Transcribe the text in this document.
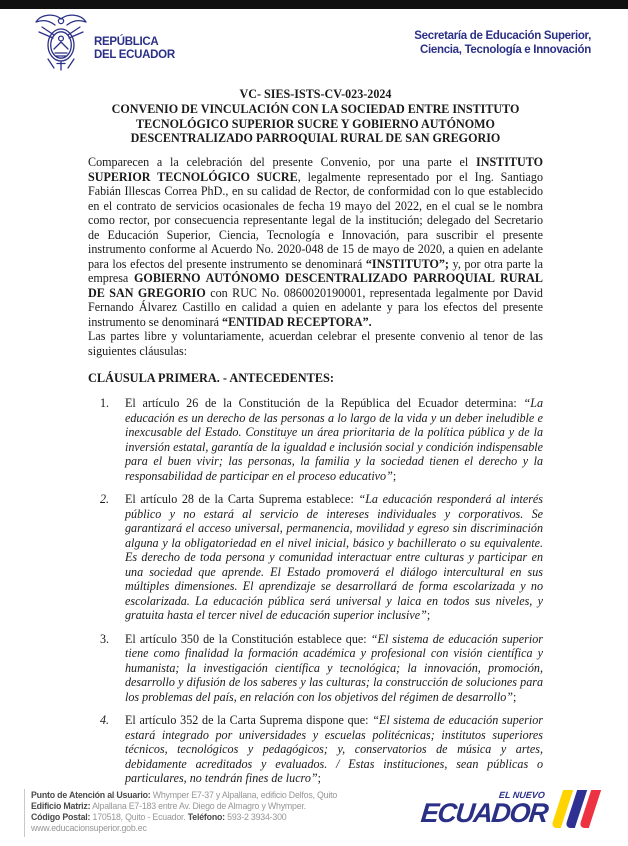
REPÚBLICA
DEL ECUADOR
Secretaría de Educación Superior,
Ciencia, Tecnología e Innovación

VC- SIES-ISTS-CV-023-2024

CONVENIO DE VINCULACIÓN CON LA SOCIEDAD ENTRE INSTITUTO TECNOLÓGICO SUPERIOR SUCRE Y GOBIERNO AUTÓNOMO DESCENTRALIZADO PARROQUIAL RURAL DE SAN GREGORIO

Comparecen a la celebración del presente Convenio, por una parte el INSTITUTO SUPERIOR TECNOLÓGICO SUCRE, legalmente representado por el Ing. Santiago Fabián Illescas Correa PhD., en su calidad de Rector, de conformidad con lo que establecido en el contrato de servicios ocasionales de fecha 19 mayo del 2022, en el cual se le nombra como rector, por consecuencia representante legal de la institución; delegado del Secretario de Educación Superior, Ciencia, Tecnología e Innovación, para suscribir el presente instrumento conforme al Acuerdo No. 2020-048 de 15 de mayo de 2020, a quien en adelante para los efectos del presente instrumento se denominará “INSTITUTO”; y, por otra parte la empresa GOBIERNO AUTÓNOMO DESCENTRALIZADO PARROQUIAL RURAL DE SAN GREGORIO con RUC No. 0860020190001, representada legalmente por David Fernando Álvarez Castillo en calidad a quien en adelante y para los efectos del presente instrumento se denominará “ENTIDAD RECEPTORA”.

Las partes libre y voluntariamente, acuerdan celebrar el presente convenio al tenor de las siguientes cláusulas:

CLÁUSULA PRIMERA. - ANTECEDENTES:

1.	El artículo 26 de la Constitución de la República del Ecuador determina: “La educación es un derecho de las personas a lo largo de la vida y un deber ineludible e inexcusable del Estado. Constituye un área prioritaria de la política pública y de la inversión estatal, garantía de la igualdad e inclusión social y condición indispensable para el buen vivir; las personas, la familia y la sociedad tienen el derecho y la responsabilidad de participar en el proceso educativo”;

2.	El artículo 28 de la Carta Suprema establece: “La educación responderá al interés público y no estará al servicio de intereses individuales y corporativos. Se garantizará el acceso universal, permanencia, movilidad y egreso sin discriminación alguna y la obligatoriedad en el nivel inicial, básico y bachillerato o su equivalente. Es derecho de toda persona y comunidad interactuar entre culturas y participar en una sociedad que aprende. El Estado promoverá el diálogo intercultural en sus múltiples dimensiones. El aprendizaje se desarrollará de forma escolarizada y no escolarizada. La educación pública será universal y laica en todos sus niveles, y gratuita hasta el tercer nivel de educación superior inclusive”;

3.	El artículo 350 de la Constitución establece que: “El sistema de educación superior tiene como finalidad la formación académica y profesional con visión científica y humanista; la investigación científica y tecnológica; la innovación, promoción, desarrollo y difusión de los saberes y las culturas; la construcción de soluciones para los problemas del país, en relación con los objetivos del régimen de desarrollo”;

4.	El artículo 352 de la Carta Suprema dispone que: “El sistema de educación superior estará integrado por universidades y escuelas politécnicas; institutos superiores técnicos, tecnológicos y pedagógicos; y, conservatorios de música y artes, debidamente acreditados y evaluados. / Estas instituciones, sean públicas o particulares, no tendrán fines de lucro”;

Punto de Atención al Usuario: Whymper E7-37 y Alpallana, edificio Delfos, Quito
Edificio Matriz: Alpallana E7-183 entre Av. Diego de Almagro y Whymper.
Código Postal: 170518, Quito - Ecuador. Teléfono: 593-2 3934-300
www.educacionsuperior.gob.ec
EL NUEVO
ECUADOR
